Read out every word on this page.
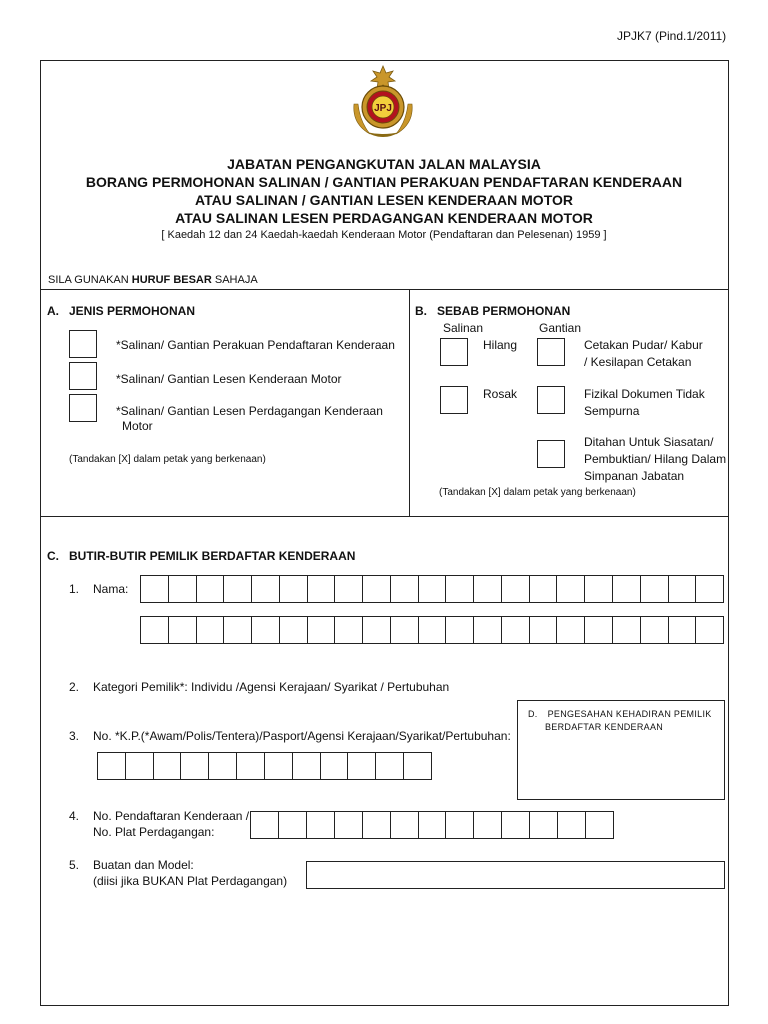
JPJK7 (Pind.1/2011)
JPJ
JABATAN PENGANGKUTAN JALAN MALAYSIA
BORANG PERMOHONAN SALINAN / GANTIAN PERAKUAN PENDAFTARAN KENDERAAN
ATAU SALINAN / GANTIAN LESEN KENDERAAN MOTOR
ATAU SALINAN LESEN PERDAGANGAN KENDERAAN MOTOR
[ Kaedah 12 dan 24 Kaedah-kaedah Kenderaan Motor (Pendaftaran dan Pelesenan) 1959 ]
SILA GUNAKAN HURUF BESAR SAHAJA
A. JENIS PERMOHONAN
*Salinan/ Gantian Perakuan Pendaftaran Kenderaan
*Salinan/ Gantian Lesen Kenderaan Motor
*Salinan/ Gantian Lesen Perdagangan Kenderaan
Motor
(Tandakan [X] dalam petak yang berkenaan)
B. SEBAB PERMOHONAN
Salinan	Gantian
Hilang	Cetakan Pudar/ Kabur
/ Kesilapan Cetakan
Rosak	Fizikal Dokumen Tidak
Sempurna
Ditahan Untuk Siasatan/
Pembuktian/ Hilang Dalam
Simpanan Jabatan
(Tandakan [X] dalam petak yang berkenaan)
C. BUTIR-BUTIR PEMILIK BERDAFTAR KENDERAAN
1. Nama:
2. Kategori Pemilik*: Individu /Agensi Kerajaan/ Syarikat / Pertubuhan
3. No. *K.P.(*Awam/Polis/Tentera)/Pasport/Agensi Kerajaan/Syarikat/Pertubuhan:
D. PENGESAHAN KEHADIRAN PEMILIK
BERDAFTAR KENDERAAN
4. No. Pendaftaran Kenderaan /
No. Plat Perdagangan:
5. Buatan dan Model:
(diisi jika BUKAN Plat Perdagangan)
